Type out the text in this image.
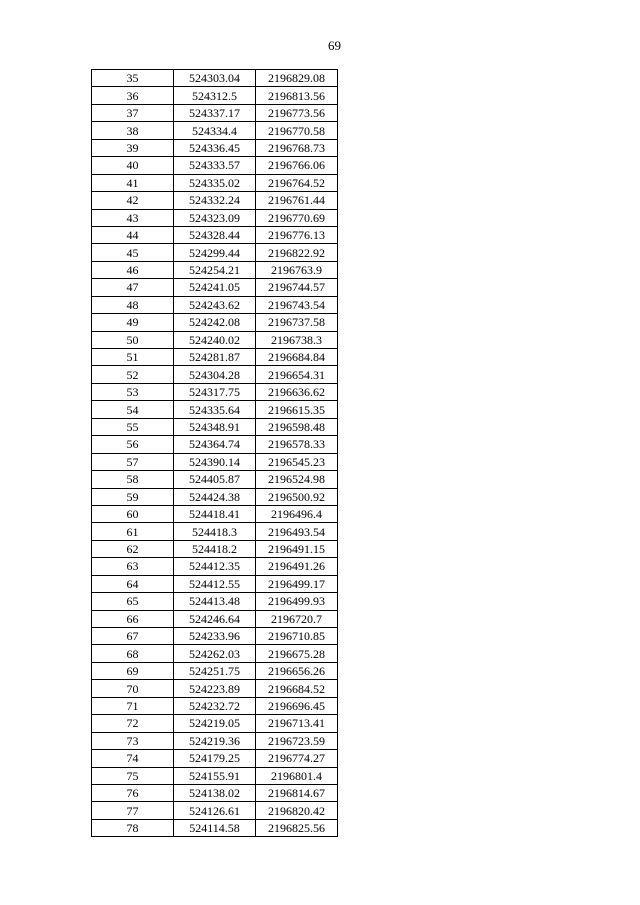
69
35	524303.04	2196829.08
36	524312.5	2196813.56
37	524337.17	2196773.56
38	524334.4	2196770.58
39	524336.45	2196768.73
40	524333.57	2196766.06
41	524335.02	2196764.52
42	524332.24	2196761.44
43	524323.09	2196770.69
44	524328.44	2196776.13
45	524299.44	2196822.92
46	524254.21	2196763.9
47	524241.05	2196744.57
48	524243.62	2196743.54
49	524242.08	2196737.58
50	524240.02	2196738.3
51	524281.87	2196684.84
52	524304.28	2196654.31
53	524317.75	2196636.62
54	524335.64	2196615.35
55	524348.91	2196598.48
56	524364.74	2196578.33
57	524390.14	2196545.23
58	524405.87	2196524.98
59	524424.38	2196500.92
60	524418.41	2196496.4
61	524418.3	2196493.54
62	524418.2	2196491.15
63	524412.35	2196491.26
64	524412.55	2196499.17
65	524413.48	2196499.93
66	524246.64	2196720.7
67	524233.96	2196710.85
68	524262.03	2196675.28
69	524251.75	2196656.26
70	524223.89	2196684.52
71	524232.72	2196696.45
72	524219.05	2196713.41
73	524219.36	2196723.59
74	524179.25	2196774.27
75	524155.91	2196801.4
76	524138.02	2196814.67
77	524126.61	2196820.42
78	524114.58	2196825.56
